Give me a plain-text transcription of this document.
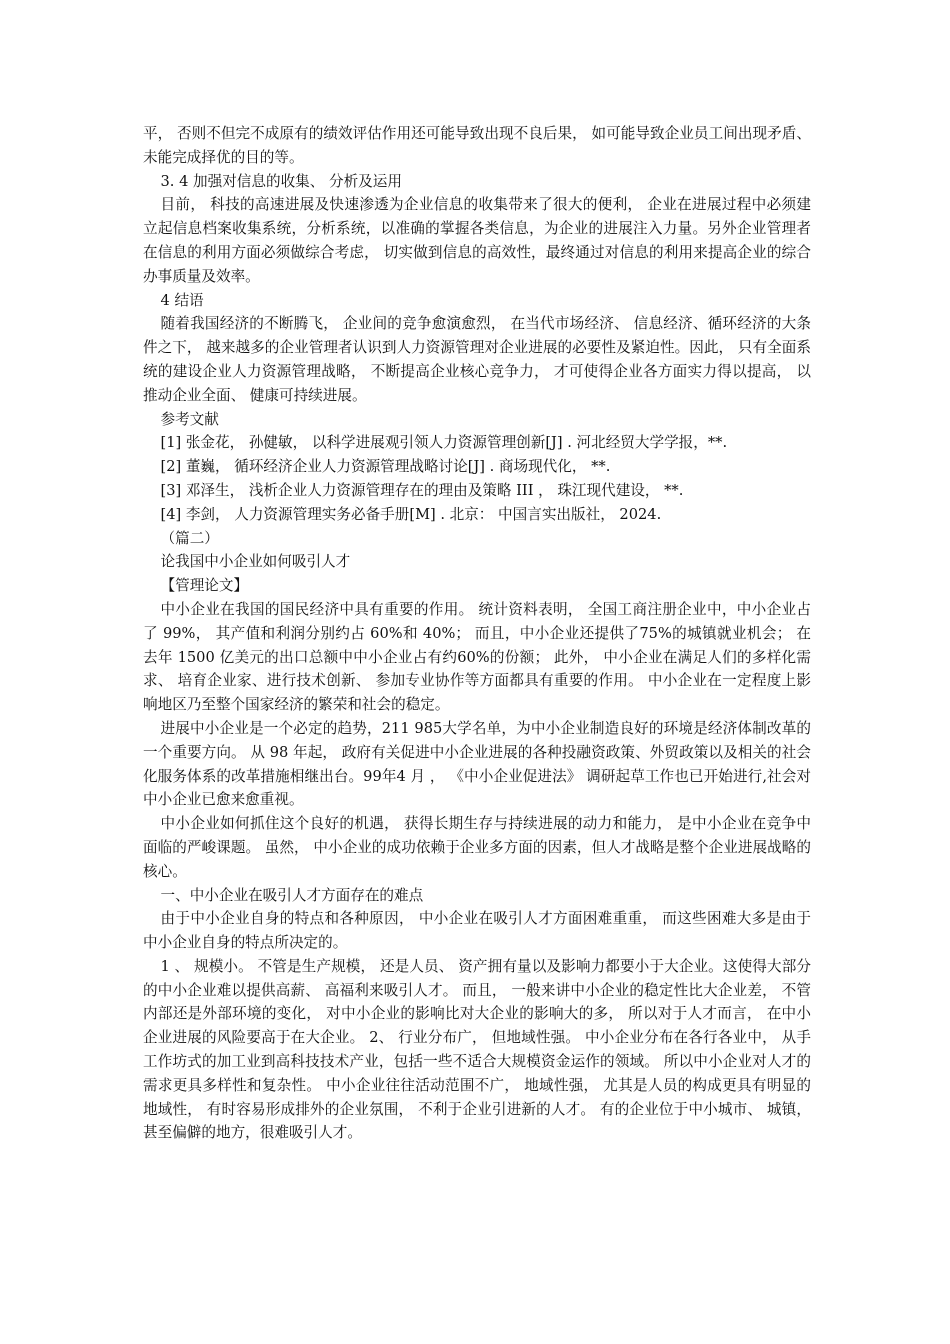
平， 否则不但完不成原有的绩效评估作用还可能导致出现不良后果， 如可能导致企业员工间出现矛盾、 未能完成择优的目的等。

3. 4 加强对信息的收集、 分析及运用

目前， 科技的高速进展及快速渗透为企业信息的收集带来了很大的便利， 企业在进展过程中必须建立起信息档案收集系统，分析系统，以准确的掌握各类信息，为企业的进展注入力量。另外企业管理者在信息的利用方面必须做综合考虑， 切实做到信息的高效性，最终通过对信息的利用来提高企业的综合办事质量及效率。

4 结语

随着我国经济的不断腾飞， 企业间的竞争愈演愈烈， 在当代市场经济、 信息经济、循环经济的大条件之下， 越来越多的企业管理者认识到人力资源管理对企业进展的必要性及紧迫性。因此， 只有全面系统的建设企业人力资源管理战略， 不断提高企业核心竞争力， 才可使得企业各方面实力得以提高， 以推动企业全面、 健康可持续进展。

参考文献

[1] 张金花， 孙健敏， 以科学进展观引领人力资源管理创新[J] . 河北经贸大学学报，**.

[2] 董巍， 循环经济企业人力资源管理战略讨论[J] . 商场现代化， **.

[3] 邓泽生， 浅析企业人力资源管理存在的理由及策略 III ， 珠江现代建设， **.

[4] 李剑， 人力资源管理实务必备手册[M] . 北京： 中国言实出版社， 2024.

（篇二）

论我国中小企业如何吸引人才

【管理论文】

中小企业在我国的国民经济中具有重要的作用。 统计资料表明， 全国工商注册企业中，中小企业占了 99%， 其产值和利润分别约占 60%和 40%； 而且，中小企业还提供了75%的城镇就业机会； 在去年 1500 亿美元的出口总额中中小企业占有约60%的份额； 此外， 中小企业在满足人们的多样化需求、 培育企业家、进行技术创新、 参加专业协作等方面都具有重要的作用。 中小企业在一定程度上影响地区乃至整个国家经济的繁荣和社会的稳定。

进展中小企业是一个必定的趋势，211 985大学名单，为中小企业制造良好的环境是经济体制改革的一个重要方向。 从 98 年起， 政府有关促进中小企业进展的各种投融资政策、外贸政策以及相关的社会化服务体系的改革措施相继出台。99年4 月 ， 《中小企业促进法》 调研起草工作也已开始进行,社会对中小企业已愈来愈重视。

中小企业如何抓住这个良好的机遇， 获得长期生存与持续进展的动力和能力， 是中小企业在竞争中面临的严峻课题。 虽然， 中小企业的成功依赖于企业多方面的因素，但人才战略是整个企业进展战略的核心。

一、中小企业在吸引人才方面存在的难点

由于中小企业自身的特点和各种原因， 中小企业在吸引人才方面困难重重， 而这些困难大多是由于中小企业自身的特点所决定的。

1 、 规模小。 不管是生产规模， 还是人员、 资产拥有量以及影响力都要小于大企业。这使得大部分的中小企业难以提供高薪、 高福利来吸引人才。 而且， 一般来讲中小企业的稳定性比大企业差， 不管内部还是外部环境的变化， 对中小企业的影响比对大企业的影响大的多， 所以对于人才而言， 在中小企业进展的风险要高于在大企业。 2、 行业分布广， 但地域性强。 中小企业分布在各行各业中， 从手工作坊式的加工业到高科技技术产业，包括一些不适合大规模资金运作的领域。 所以中小企业对人才的需求更具多样性和复杂性。 中小企业往往活动范围不广， 地域性强， 尤其是人员的构成更具有明显的地域性， 有时容易形成排外的企业氛围， 不利于企业引进新的人才。 有的企业位于中小城市、 城镇， 甚至偏僻的地方，很难吸引人才。
